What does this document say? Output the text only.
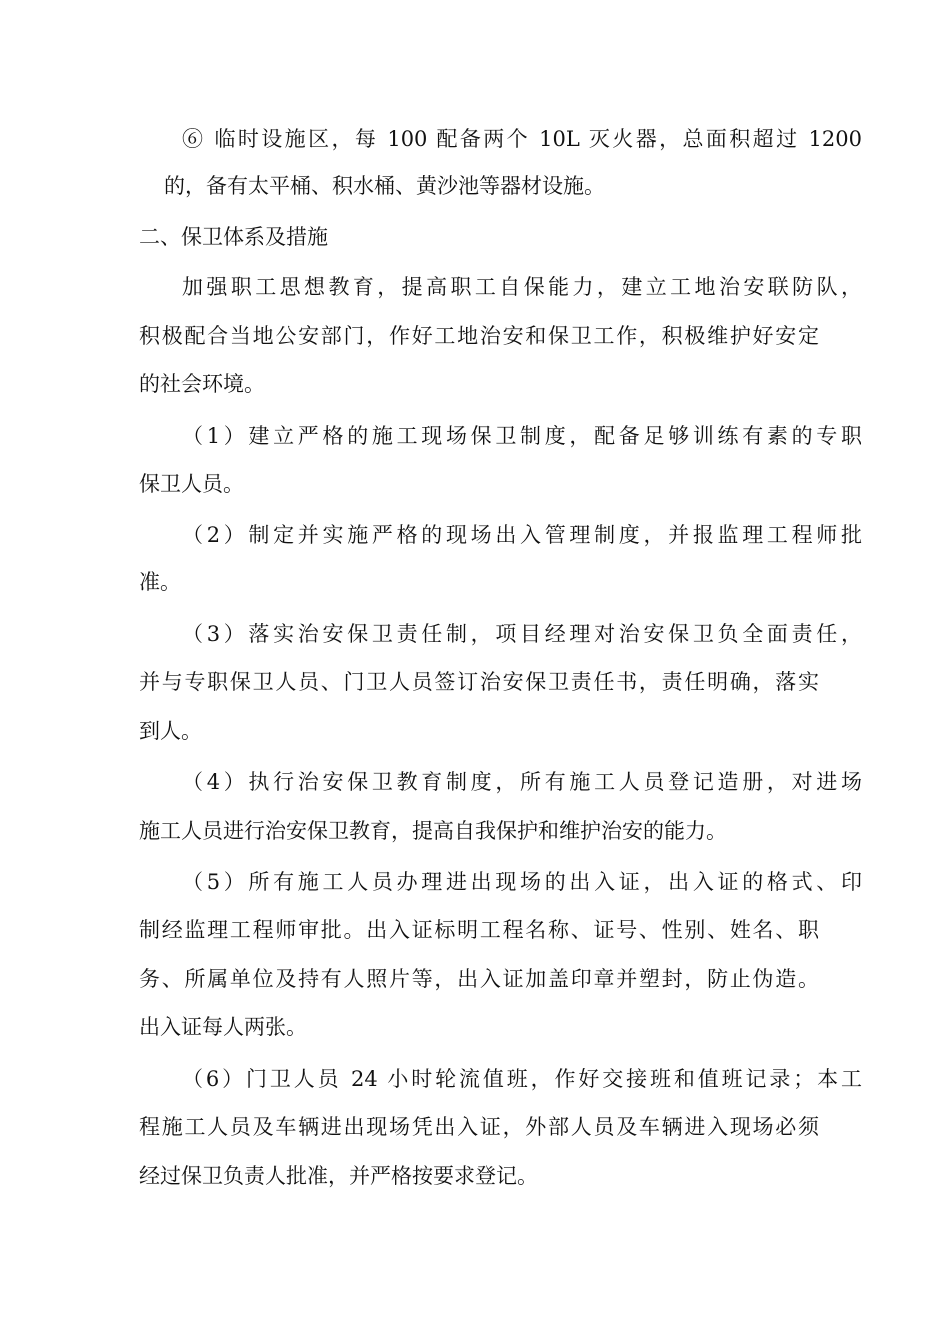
⑥ 临时设施区，每 100 配备两个 10L 灭火器，总面积超过 1200
的，备有太平桶、积水桶、黄沙池等器材设施。
二、保卫体系及措施
加强职工思想教育，提高职工自保能力，建立工地治安联防队，
积极配合当地公安部门，作好工地治安和保卫工作，积极维护好安定
的社会环境。
（1）建立严格的施工现场保卫制度，配备足够训练有素的专职
保卫人员。
（2）制定并实施严格的现场出入管理制度，并报监理工程师批
准。
（3）落实治安保卫责任制，项目经理对治安保卫负全面责任，
并与专职保卫人员、门卫人员签订治安保卫责任书，责任明确，落实
到人。
（4）执行治安保卫教育制度，所有施工人员登记造册，对进场
施工人员进行治安保卫教育，提高自我保护和维护治安的能力。
（5）所有施工人员办理进出现场的出入证，出入证的格式、印
制经监理工程师审批。出入证标明工程名称、证号、性别、姓名、职
务、所属单位及持有人照片等，出入证加盖印章并塑封，防止伪造。
出入证每人两张。
（6）门卫人员 24 小时轮流值班，作好交接班和值班记录；本工
程施工人员及车辆进出现场凭出入证，外部人员及车辆进入现场必须
经过保卫负责人批准，并严格按要求登记。
